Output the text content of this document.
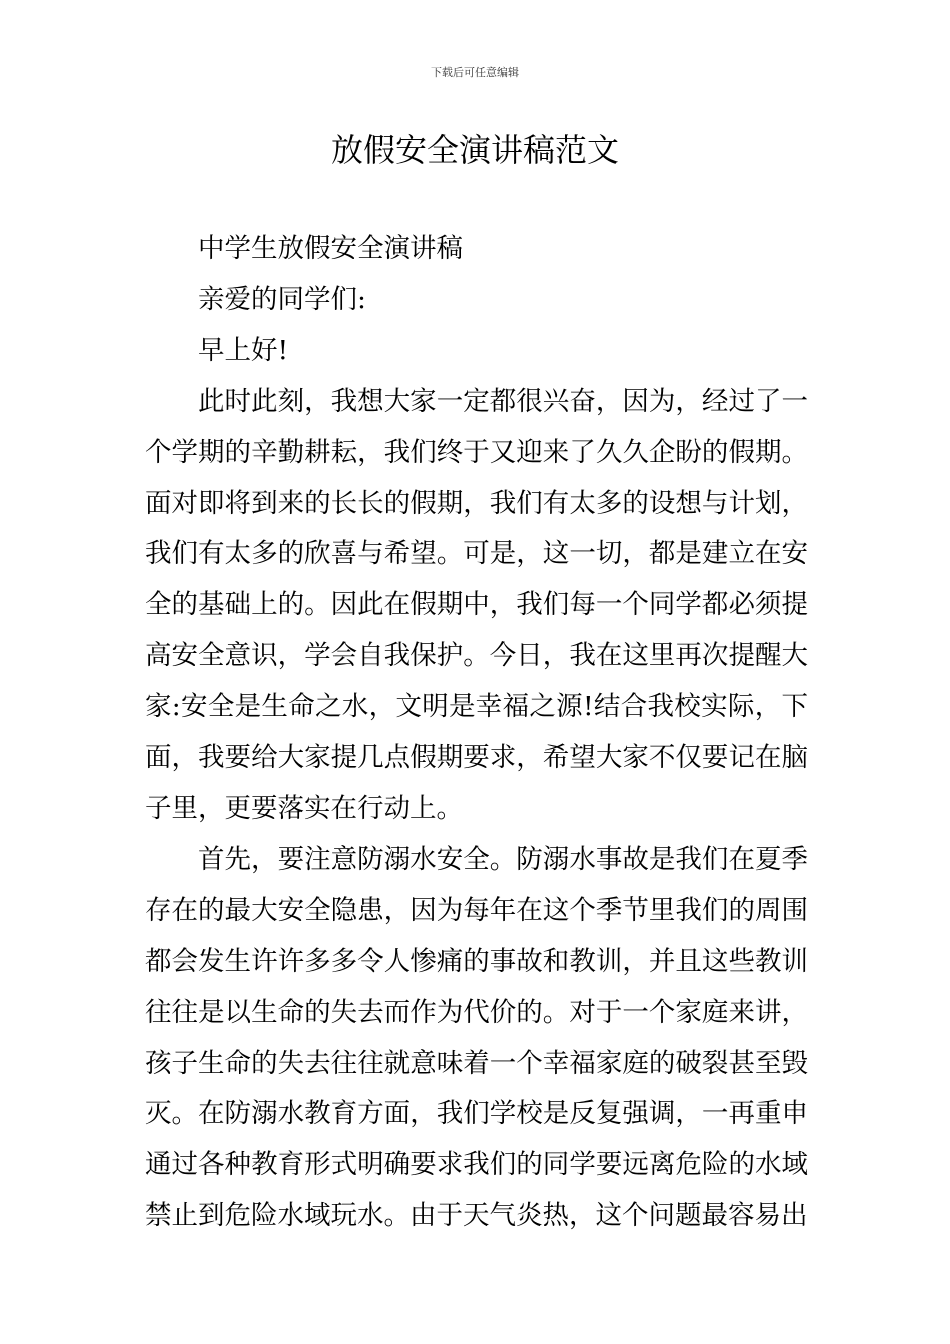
下载后可任意编辑
放假安全演讲稿范文

中学生放假安全演讲稿

亲爱的同学们:

早上好!

此时此刻，我想大家一定都很兴奋，因为，经过了一个学期的辛勤耕耘，我们终于又迎来了久久企盼的假期。面对即将到来的长长的假期，我们有太多的设想与计划，我们有太多的欣喜与希望。可是，这一切，都是建立在安全的基础上的。因此在假期中，我们每一个同学都必须提高安全意识，学会自我保护。今日，我在这里再次提醒大家:安全是生命之水，文明是幸福之源!结合我校实际，下面，我要给大家提几点假期要求，希望大家不仅要记在脑子里，更要落实在行动上。

首先，要注意防溺水安全。防溺水事故是我们在夏季存在的最大安全隐患，因为每年在这个季节里我们的周围都会发生许许多多令人惨痛的事故和教训，并且这些教训往往是以生命的失去而作为代价的。对于一个家庭来讲，孩子生命的失去往往就意味着一个幸福家庭的破裂甚至毁灭。在防溺水教育方面，我们学校是反复强调，一再重申通过各种教育形式明确要求我们的同学要远离危险的水域禁止到危险水域玩水。由于天气炎热，这个问题最容易出
